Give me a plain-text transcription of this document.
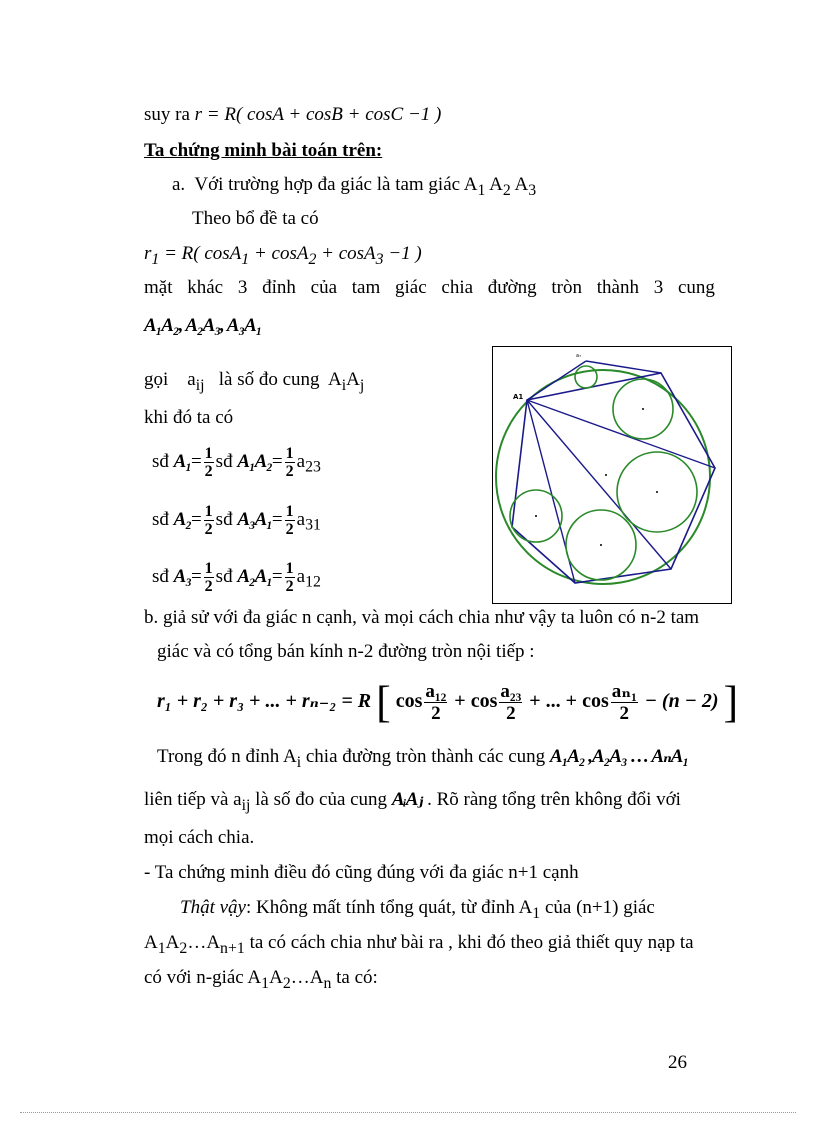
suy ra r = R( cosA + cosB + cosC −1 )
Ta chứng minh bài toán trên:
a. Với trường hợp đa giác là tam giác $A_1$ $A_2$ $A_3$
Theo bổ đề ta có
$r_1 = R$( cosA$_1$ + cosA$_2$ + cosA$_3$ −1 )
mặt khác 3 đỉnh của tam giác chia đường tròn thành 3 cung
A₁A₂, A₂A₃, A₃A₁
gọi $a_{ij}$ là số đo cung $A_iA_j$
khi đó ta có
sđ $A_1= \frac{1}{2}$ sđ $A_1A_2= \frac{1}{2} a_{23}$
sđ $A_2= \frac{1}{2}$ sđ $A_3A_1= \frac{1}{2} a_{31}$
sđ $A_3= \frac{1}{2}$ sđ $A_2A_1= \frac{1}{2} a_{12}$
A1
a₇
b. giả sử với đa giác n cạnh, và mọi cách chia như vậy ta luôn có n-2 tam
giác và có tổng bán kính n-2 đường tròn nội tiếp :
r₁ + r₂ + r₃ + ... + rₙ₋₂ = R [ $\cos \frac{\text{a₁₂}}{2} + \cos \frac{\text{a₂₃}}{2}$ + ... + $\cos \frac{\text{aₙ₁}}{2} - (n - 2)$ ]
Trong đó n đỉnh $A_i$ chia đường tròn thành các cung A₁A₂ ,A₂A₃ … AₙA₁
liên tiếp và $a_{ij}$ là số đo của cung AᵢAⱼ . Rõ ràng tổng trên không đổi với
mọi cách chia.
- Ta chứng minh điều đó cũng đúng với đa giác n+1 cạnh
Thật vậy: Không mất tính tổng quát, từ đỉnh $A_1$ của (n+1) giác
$A_1A_2\dots A_{n+1}$ ta có cách chia như bài ra , khi đó theo giả thiết quy nạp ta
có với n-giác $A_1A_2\dots A_n$ ta có:
26
